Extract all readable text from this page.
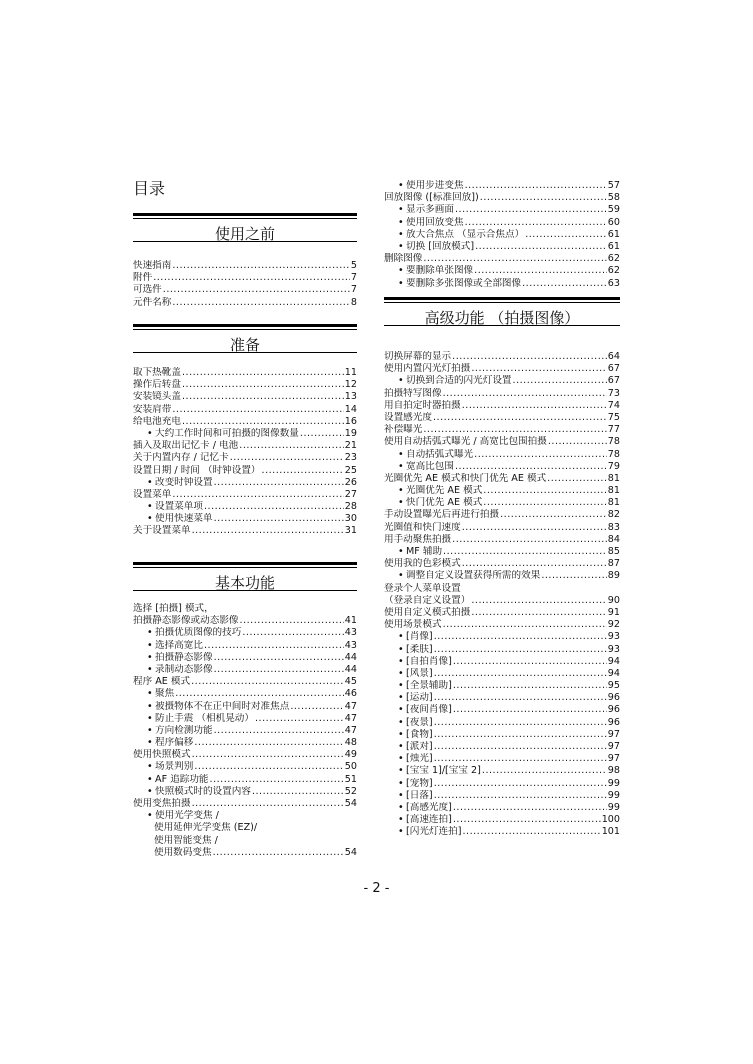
目录
使用之前
快速指南 .....	5
附件 .....	7
可选件 .....	7
元件名称 .....	8
准备
取下热靴盖 .....	11
操作后转盘 .....	12
安装镜头盖 .....	13
安装肩带 .....	14
给电池充电 .....	16
• 大约工作时间和可拍摄的图像数量 .....	19
插入及取出记忆卡 / 电池 .....	21
关于内置内存 / 记忆卡 .....	23
设置日期 / 时间 （时钟设置） .....	25
• 改变时钟设置 .....	26
设置菜单 .....	27
• 设置菜单项 .....	28
• 使用快速菜单 .....	30
关于设置菜单 .....	31
基本功能
选择 [拍摄] 模式，
拍摄静态影像或动态影像 .....	41
• 拍摄优质图像的技巧 .....	43
• 选择高宽比 .....	43
• 拍摄静态影像 .....	44
• 录制动态影像 .....	44
程序 AE 模式 .....	45
• 聚焦 .....	46
• 被摄物体不在正中间时对准焦点 .....	47
• 防止手震 （相机晃动） .....	47
• 方向检测功能 .....	47
• 程序偏移 .....	48
使用快照模式 .....	49
• 场景判别 .....	50
• AF 追踪功能 .....	51
• 快照模式时的设置内容 .....	52
使用变焦拍摄 .....	54
• 使用光学变焦 /
使用延伸光学变焦 (EZ)/
使用智能变焦 /
使用数码变焦 .....	54
• 使用步进变焦 .....	57
回放图像 ([标准回放]) .....	58
• 显示多画面 .....	59
• 使用回放变焦 .....	60
• 放大合焦点 （显示合焦点） .....	61
• 切换 [回放模式] .....	61
删除图像 .....	62
• 要删除单张图像 .....	62
• 要删除多张图像或全部图像 .....	63
高级功能 （拍摄图像）
切换屏幕的显示 .....	64
使用内置闪光灯拍摄 .....	67
• 切换到合适的闪光灯设置 .....	67
拍摄特写图像 .....	73
用自拍定时器拍摄 .....	74
设置感光度 .....	75
补偿曝光 .....	77
使用自动括弧式曝光 / 高宽比包围拍摄 .....	78
• 自动括弧式曝光 .....	78
• 宽高比包围 .....	79
光圈优先 AE 模式和快门优先 AE 模式 .....	81
• 光圈优先 AE 模式 .....	81
• 快门优先 AE 模式 .....	81
手动设置曝光后再进行拍摄 .....	82
光圈值和快门速度 .....	83
用手动聚焦拍摄 .....	84
• MF 辅助 .....	85
使用我的色彩模式 .....	87
• 调整自定义设置获得所需的效果 .....	89
登录个人菜单设置
（登录自定义设置） .....	90
使用自定义模式拍摄 .....	91
使用场景模式 .....	92
• [肖像] .....	93
• [柔肤] .....	93
• [自拍肖像] .....	94
• [风景] .....	94
• [全景辅助] .....	95
• [运动] .....	96
• [夜间肖像] .....	96
• [夜景] .....	96
• [食物] .....	97
• [派对] .....	97
• [烛光] .....	97
• [宝宝 1]/[宝宝 2] .....	98
• [宠物] .....	99
• [日落] .....	99
• [高感光度] .....	99
• [高速连拍] .....	100
• [闪光灯连拍] .....	101
- 2 -
